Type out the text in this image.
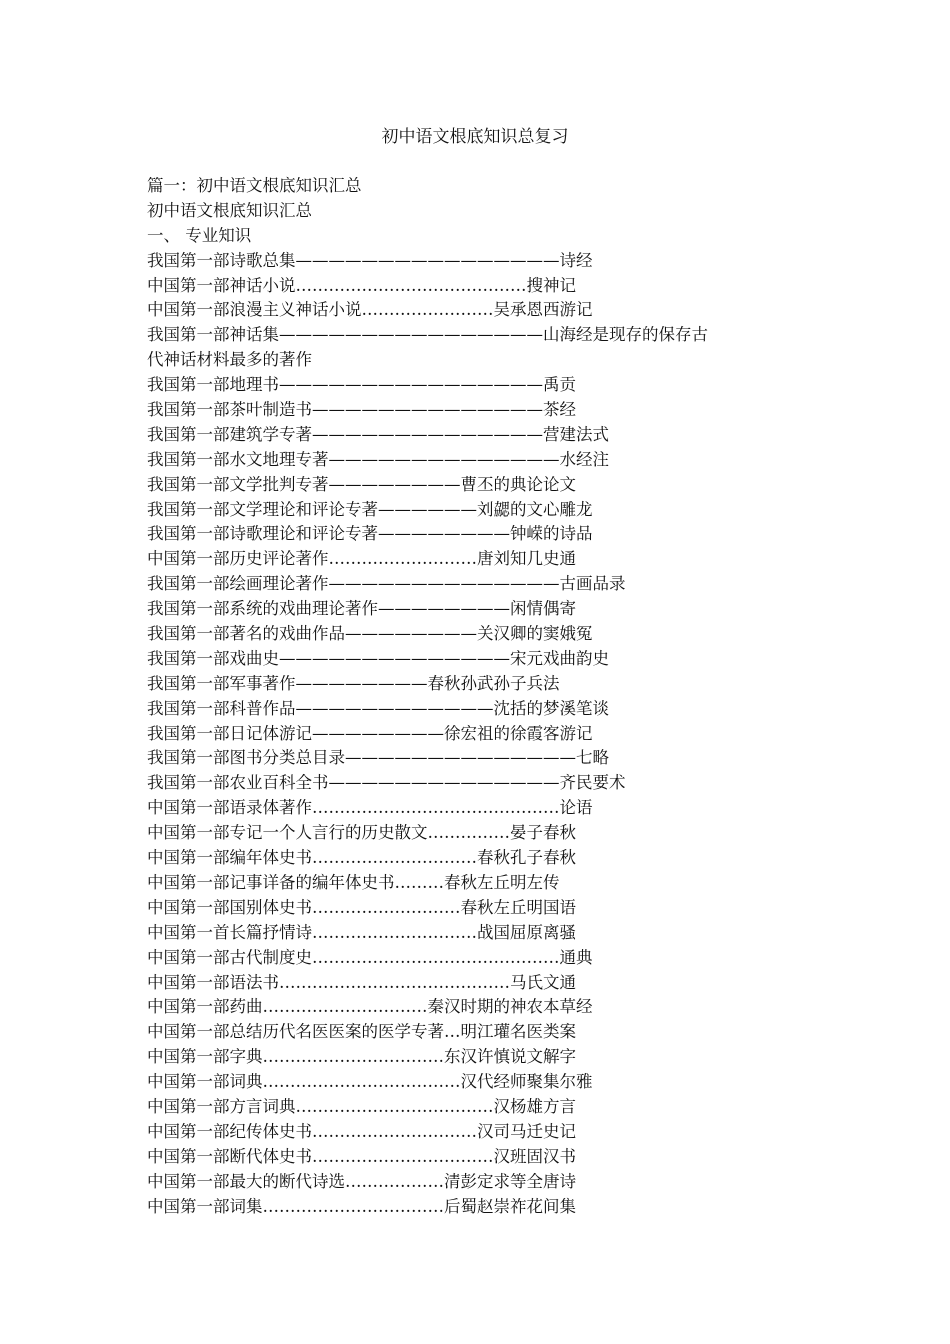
初中语文根底知识总复习
篇一：初中语文根底知识汇总
初中语文根底知识汇总
一、 专业知识
我国第一部诗歌总集————————————————诗经
中国第一部神话小说……………………………………搜神记
中国第一部浪漫主义神话小说……………………吴承恩西游记
我国第一部神话集————————————————山海经是现存的保存古
代神话材料最多的著作
我国第一部地理书————————————————禹贡
我国第一部茶叶制造书——————————————茶经
我国第一部建筑学专著——————————————营建法式
我国第一部水文地理专著——————————————水经注
我国第一部文学批判专著————————曹丕的典论论文
我国第一部文学理论和评论专著——————刘勰的文心雕龙
我国第一部诗歌理论和评论专著————————钟嵘的诗品
中国第一部历史评论著作………………………唐刘知几史通
我国第一部绘画理论著作——————————————古画品录
我国第一部系统的戏曲理论著作————————闲情偶寄
我国第一部著名的戏曲作品————————关汉卿的窦娥冤
我国第一部戏曲史——————————————宋元戏曲韵史
我国第一部军事著作————————春秋孙武孙子兵法
我国第一部科普作品————————————沈括的梦溪笔谈
我国第一部日记体游记————————徐宏祖的徐霞客游记
我国第一部图书分类总目录——————————————七略
我国第一部农业百科全书——————————————齐民要术
中国第一部语录体著作………………………………………论语
中国第一部专记一个人言行的历史散文……………晏子春秋
中国第一部编年体史书…………………………春秋孔子春秋
中国第一部记事详备的编年体史书………春秋左丘明左传
中国第一部国别体史书………………………春秋左丘明国语
中国第一首长篇抒情诗…………………………战国屈原离骚
中国第一部古代制度史………………………………………通典
中国第一部语法书……………………………………马氏文通
中国第一部药曲…………………………秦汉时期的神农本草经
中国第一部总结历代名医医案的医学专著…明江瓘名医类案
中国第一部字典……………………………东汉许慎说文解字
中国第一部词典………………………………汉代经师聚集尔雅
中国第一部方言词典………………………………汉杨雄方言
中国第一部纪传体史书…………………………汉司马迁史记
中国第一部断代体史书……………………………汉班固汉书
中国第一部最大的断代诗选………………清彭定求等全唐诗
中国第一部词集……………………………后蜀赵崇祚花间集
